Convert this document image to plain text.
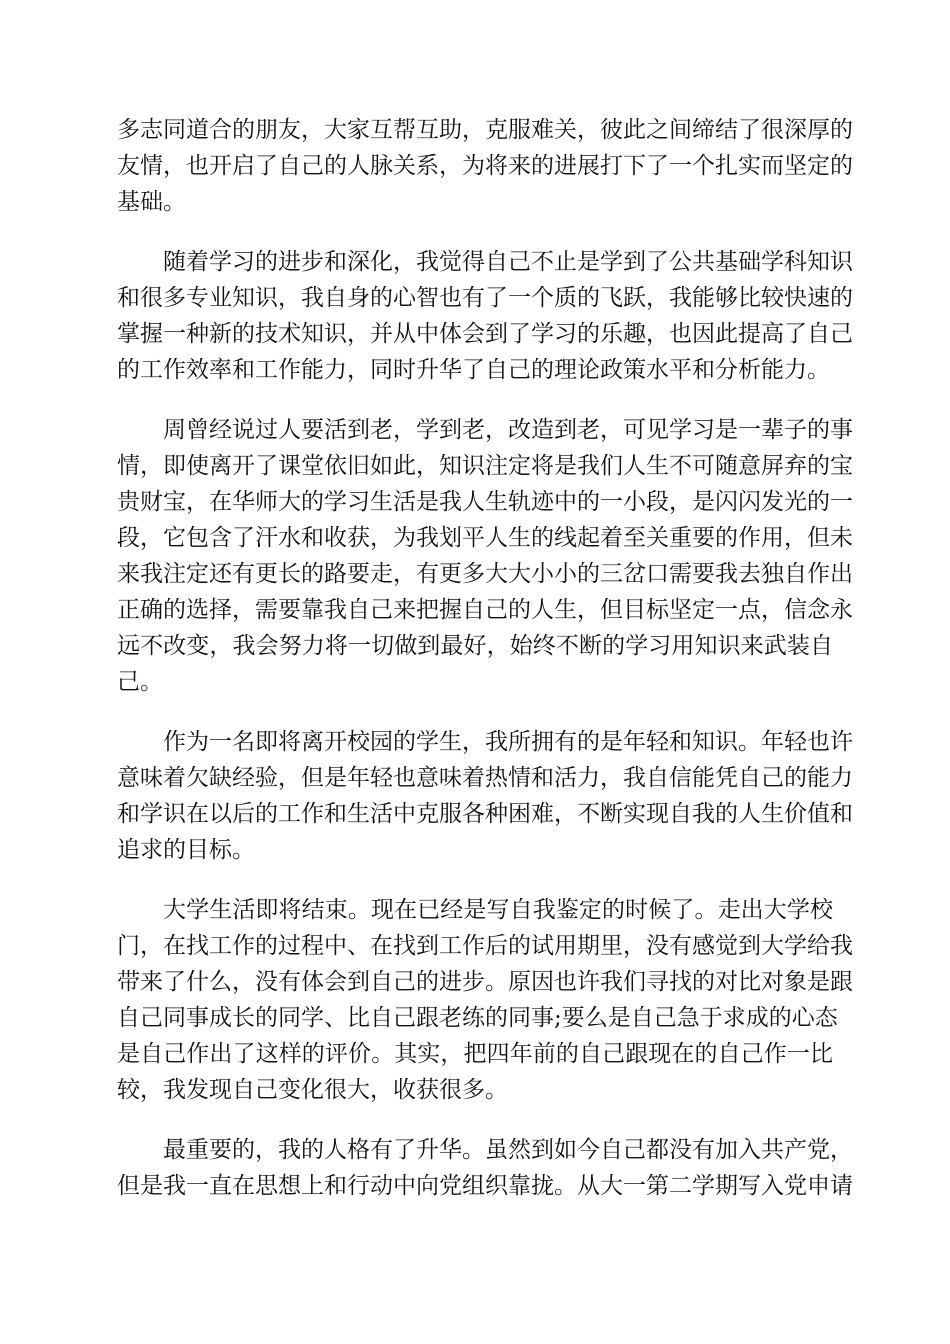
多志同道合的朋友，大家互帮互助，克服难关，彼此之间缔结了很深厚的
友情，也开启了自己的人脉关系，为将来的进展打下了一个扎实而坚定的
基础。

随着学习的进步和深化，我觉得自己不止是学到了公共基础学科知识
和很多专业知识，我自身的心智也有了一个质的飞跃，我能够比较快速的
掌握一种新的技术知识，并从中体会到了学习的乐趣，也因此提高了自己
的工作效率和工作能力，同时升华了自己的理论政策水平和分析能力。

周曾经说过人要活到老，学到老，改造到老，可见学习是一辈子的事
情，即使离开了课堂依旧如此，知识注定将是我们人生不可随意屏弃的宝
贵财宝，在华师大的学习生活是我人生轨迹中的一小段，是闪闪发光的一
段，它包含了汗水和收获，为我划平人生的线起着至关重要的作用，但未
来我注定还有更长的路要走，有更多大大小小的三岔口需要我去独自作出
正确的选择，需要靠我自己来把握自己的人生，但目标坚定一点，信念永
远不改变，我会努力将一切做到最好，始终不断的学习用知识来武装自
己。

作为一名即将离开校园的学生，我所拥有的是年轻和知识。年轻也许
意味着欠缺经验，但是年轻也意味着热情和活力，我自信能凭自己的能力
和学识在以后的工作和生活中克服各种困难，不断实现自我的人生价值和
追求的目标。

大学生活即将结束。现在已经是写自我鉴定的时候了。走出大学校
门，在找工作的过程中、在找到工作后的试用期里，没有感觉到大学给我
带来了什么，没有体会到自己的进步。原因也许我们寻找的对比对象是跟
自己同事成长的同学、比自己跟老练的同事;要么是自己急于求成的心态
是自己作出了这样的评价。其实，把四年前的自己跟现在的自己作一比
较，我发现自己变化很大，收获很多。

最重要的，我的人格有了升华。虽然到如今自己都没有加入共产党，
但是我一直在思想上和行动中向党组织靠拢。从大一第二学期写入党申请
